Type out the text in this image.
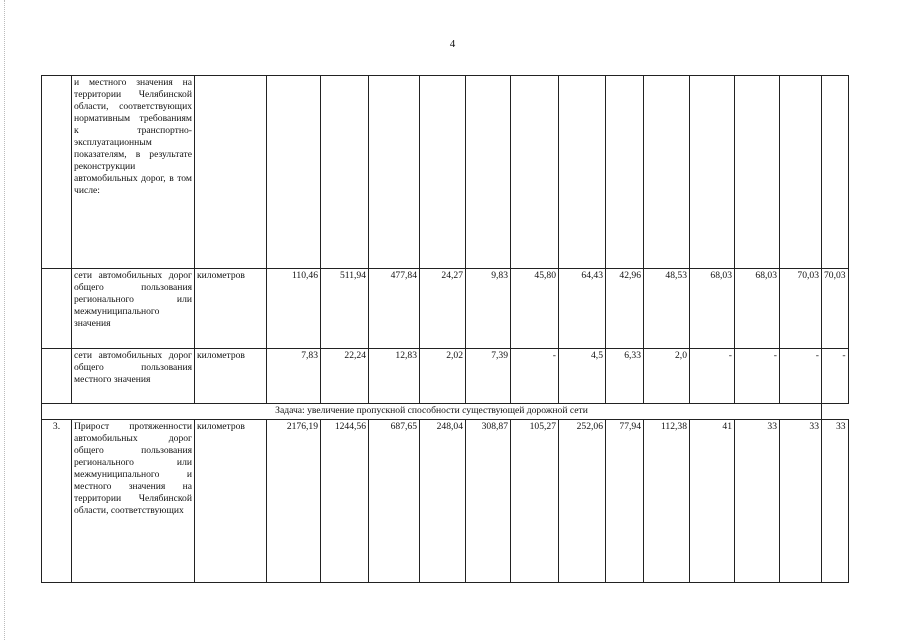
4
	и местного значения на территории Челябинской области, соответствующих нормативным требованиям к транспортно-эксплуатационным показателям, в результате реконструкции автомобильных дорог, в том числе:														
	сети автомобильных дорог общего пользования регионального или межмуниципального значения	километров	110,46	511,94	477,84	24,27	9,83	45,80	64,43	42,96	48,53	68,03	68,03	70,03	70,03
	сети автомобильных дорог общего пользования местного значения	километров	7,83	22,24	12,83	2,02	7,39	-	4,5	6,33	2,0	-	-	-	-
Задача: увеличение пропускной способности существующей дорожной сети															
3.	Прирост протяженности автомобильных дорог общего пользования регионального или межмуниципального и местного значения на территории Челябинской области, соответствующих	километров	2176,19	1244,56	687,65	248,04	308,87	105,27	252,06	77,94	112,38	41	33	33	33
